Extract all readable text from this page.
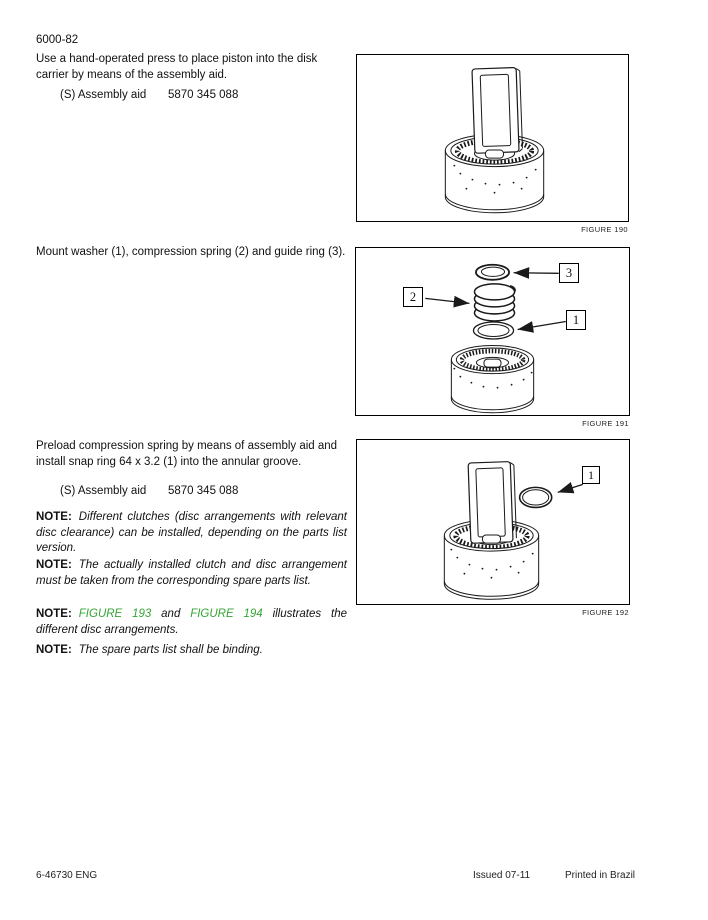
6000-82

Use a hand-operated press to place piston into the disk carrier by means of the assembly aid.

(S) Assembly aid 5870 345 088

Mount washer (1), compression spring (2) and guide ring (3).

Preload compression spring by means of assembly aid and install snap ring 64 x 3.2 (1) into the annular groove.

(S) Assembly aid 5870 345 088

NOTE: Different clutches (disc arrangements with relevant disc clearance) can be installed, depending on the parts list version.

NOTE: The actually installed clutch and disc arrangement must be taken from the corresponding spare parts list.

NOTE: FIGURE 193 and FIGURE 194 illustrates the different disc arrangements.

NOTE: The spare parts list shall be binding.

FIGURE 190
3
2
1
FIGURE 191
1
FIGURE 192
6-46730 ENG	Issued 07-11	Printed in Brazil
